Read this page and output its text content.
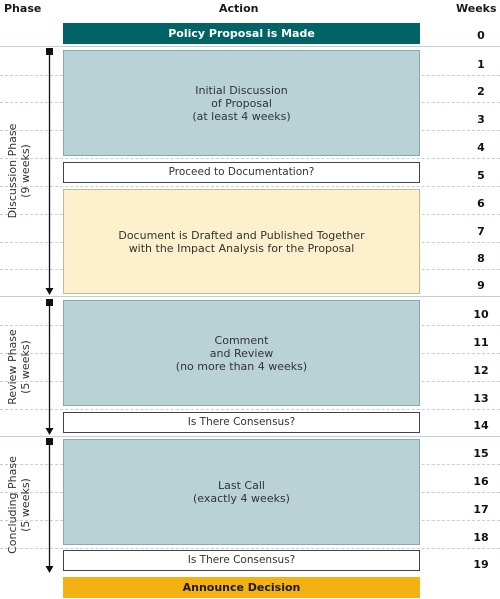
Phase	Action	Weeks
Policy Proposal is Made
Initial Discussion
of Proposal
(at least 4 weeks)
Proceed to Documentation?
Document is Drafted and Published Together
with the Impact Analysis for the Proposal
Comment
and Review
(no more than 4 weeks)
Is There Consensus?
Last Call
(exactly 4 weeks)
Is There Consensus?
Announce Decision
Discussion Phase
(9 weeks)
Review Phase
(5 weeks)
Concluding Phase
(5 weeks)
0
1
2
3
4
5
6
7
8
9
10
11
12
13
14
15
16
17
18
19
